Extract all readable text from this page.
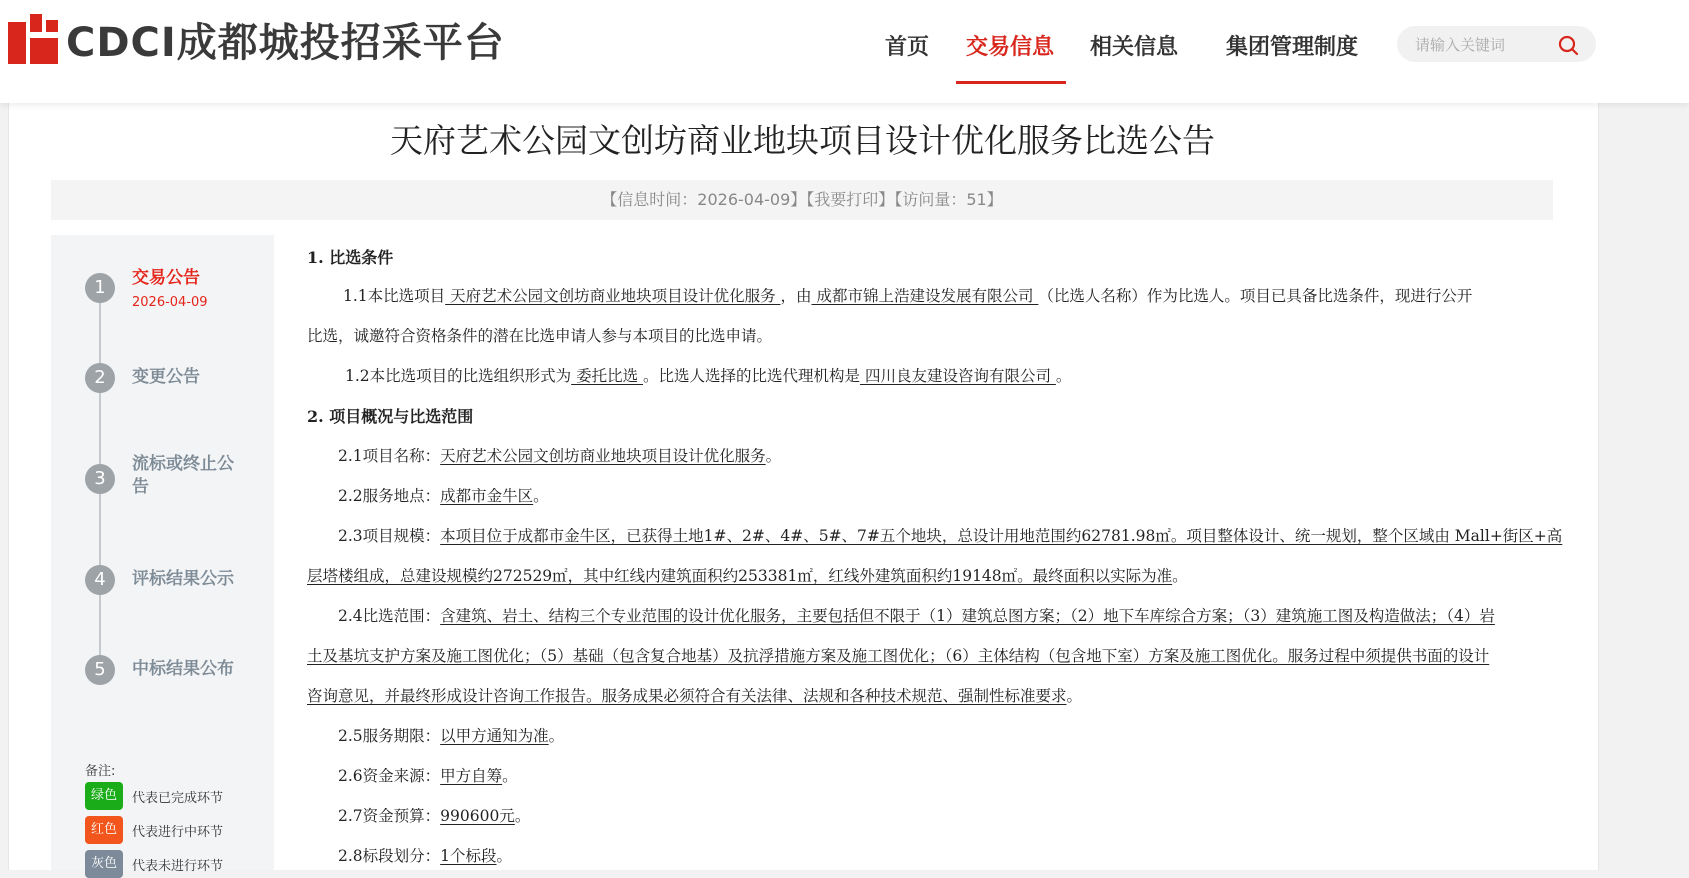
CDCI成都城投招采平台	首页 交易信息 相关信息 集团管理制度
请输入关键词
天府艺术公园文创坊商业地块项目设计优化服务比选公告
【信息时间：2026-04-09】【我要打印】【访问量：51】
1	交易公告
2026-04-09
2	变更公告
3
流标或终止公告
4	评标结果公示
5	中标结果公布
备注:
绿色	代表已完成环节
红色	代表进行中环节
灰色	代表未进行环节
1. 比选条件
1.1本比选项目 天府艺术公园文创坊商业地块项目设计优化服务 ，由 成都市锦上浩建设发展有限公司 （比选人名称）作为比选人。项目已具备比选条件，现进行公开
比选，诚邀符合资格条件的潜在比选申请人参与本项目的比选申请。
1.2本比选项目的比选组织形式为 委托比选 。比选人选择的比选代理机构是 四川良友建设咨询有限公司 。
2. 项目概况与比选范围
2.1项目名称：天府艺术公园文创坊商业地块项目设计优化服务。
2.2服务地点：成都市金牛区。
2.3项目规模：本项目位于成都市金牛区，已获得土地1#、2#、4#、5#、7#五个地块，总设计用地范围约62781.98㎡。项目整体设计、统一规划，整个区域由 Mall+街区+高
层塔楼组成，总建设规模约272529㎡，其中红线内建筑面积约253381㎡，红线外建筑面积约19148㎡。最终面积以实际为准。
2.4比选范围：含建筑、岩土、结构三个专业范围的设计优化服务，主要包括但不限于（1）建筑总图方案；（2）地下车库综合方案；（3）建筑施工图及构造做法；（4）岩
土及基坑支护方案及施工图优化；（5）基础（包含复合地基）及抗浮措施方案及施工图优化；（6）主体结构（包含地下室）方案及施工图优化。服务过程中须提供书面的设计
咨询意见，并最终形成设计咨询工作报告。服务成果必须符合有关法律、法规和各种技术规范、强制性标准要求。
2.5服务期限：以甲方通知为准。
2.6资金来源：甲方自筹。
2.7资金预算：990600元。
2.8标段划分：1个标段。
